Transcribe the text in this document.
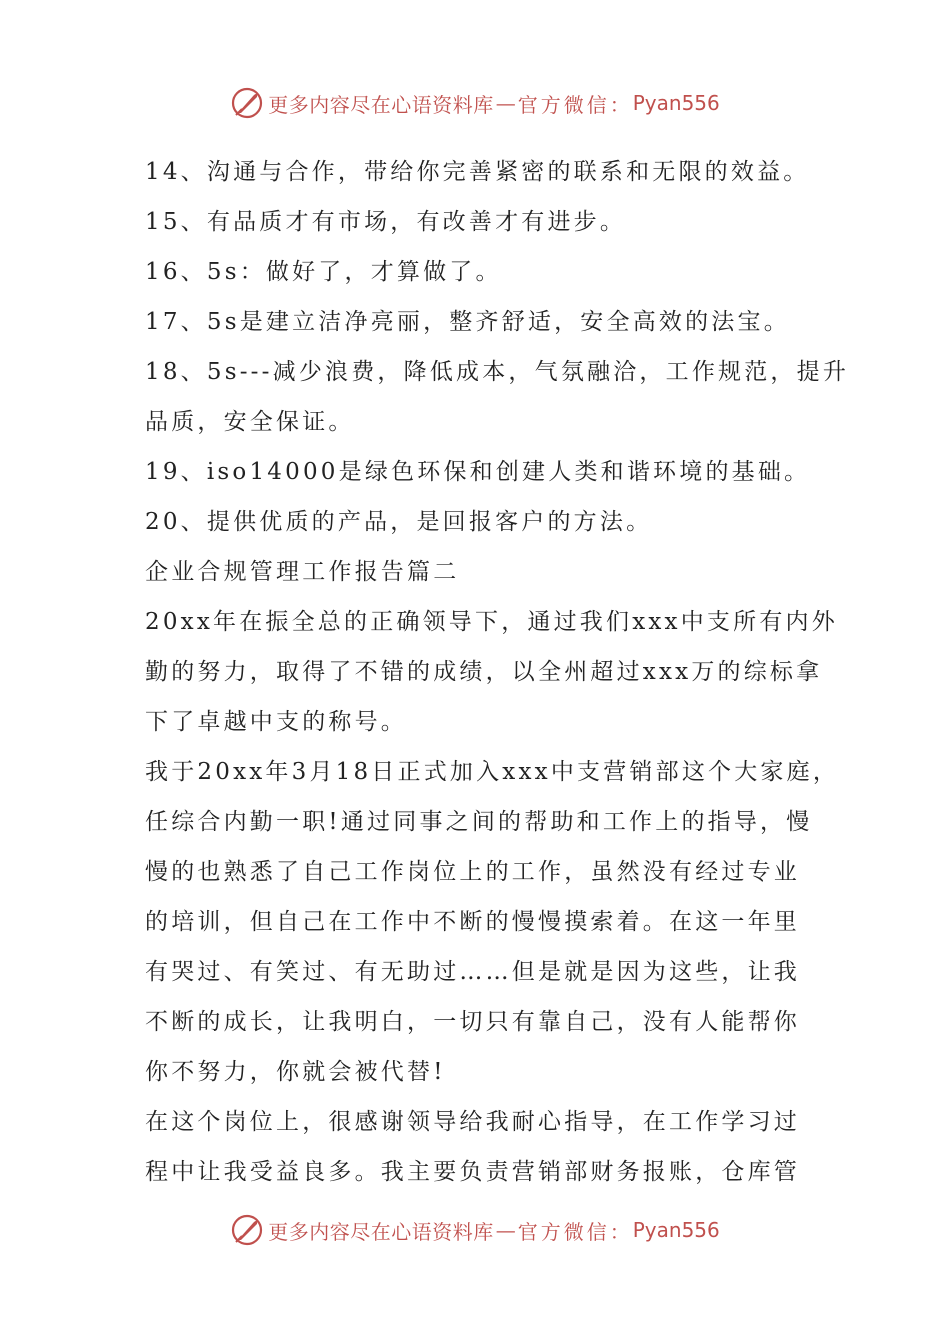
更多内容尽在心语资料库 — 官方微信： Pyan556
14、沟通与合作，带给你完善紧密的联系和无限的效益。
15、有品质才有市场，有改善才有进步。
16、5s：做好了，才算做了。
17、5s是建立洁净亮丽，整齐舒适，安全高效的法宝。
18、5s---减少浪费，降低成本，气氛融洽，工作规范，提升
品质，安全保证。
19、iso14000是绿色环保和创建人类和谐环境的基础。
20、提供优质的产品，是回报客户的方法。
企业合规管理工作报告篇二
20xx年在振全总的正确领导下，通过我们xxx中支所有内外
勤的努力，取得了不错的成绩，以全州超过xxx万的综标拿
下了卓越中支的称号。
我于20xx年3月18日正式加入xxx中支营销部这个大家庭，
任综合内勤一职!通过同事之间的帮助和工作上的指导，慢
慢的也熟悉了自己工作岗位上的工作，虽然没有经过专业
的培训，但自己在工作中不断的慢慢摸索着。在这一年里
有哭过、有笑过、有无助过……但是就是因为这些，让我
不断的成长，让我明白，一切只有靠自己，没有人能帮你
你不努力，你就会被代替!
在这个岗位上，很感谢领导给我耐心指导，在工作学习过
程中让我受益良多。我主要负责营销部财务报账，仓库管
更多内容尽在心语资料库 — 官方微信： Pyan556
